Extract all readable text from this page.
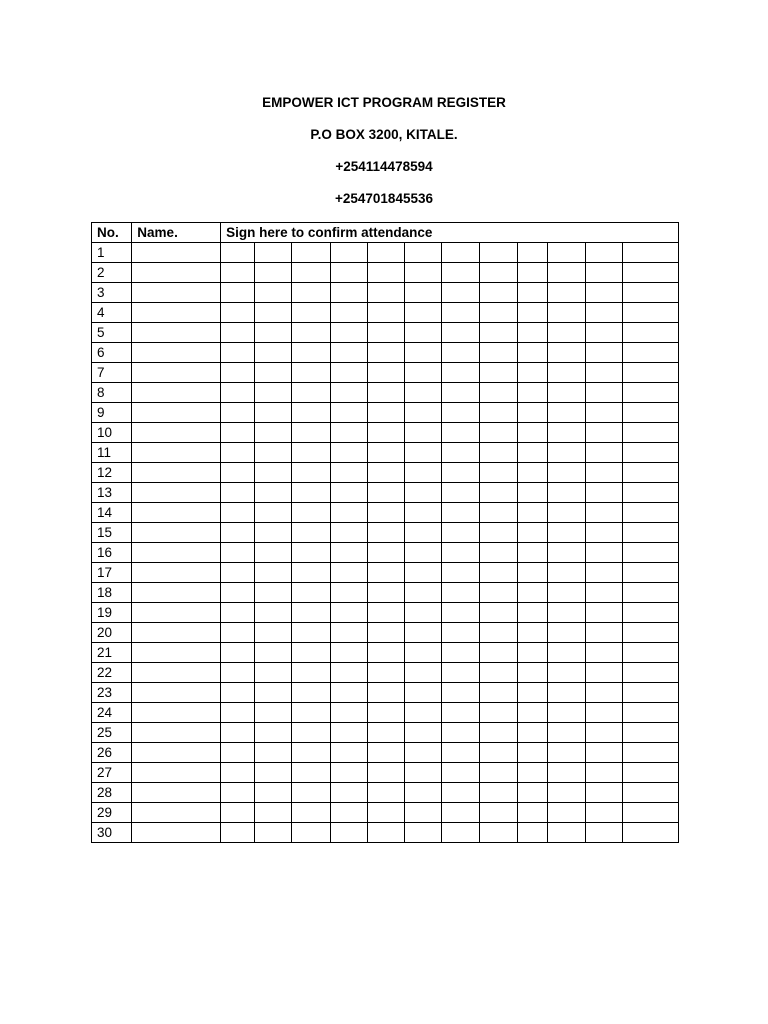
EMPOWER ICT PROGRAM REGISTER
P.O BOX 3200, KITALE.
+254114478594
+254701845536
No.	Name.	Sign here to confirm attendance											
1													
2													
3													
4													
5													
6													
7													
8													
9													
10													
11													
12													
13													
14													
15													
16													
17													
18													
19													
20													
21													
22													
23													
24													
25													
26													
27													
28													
29													
30													
